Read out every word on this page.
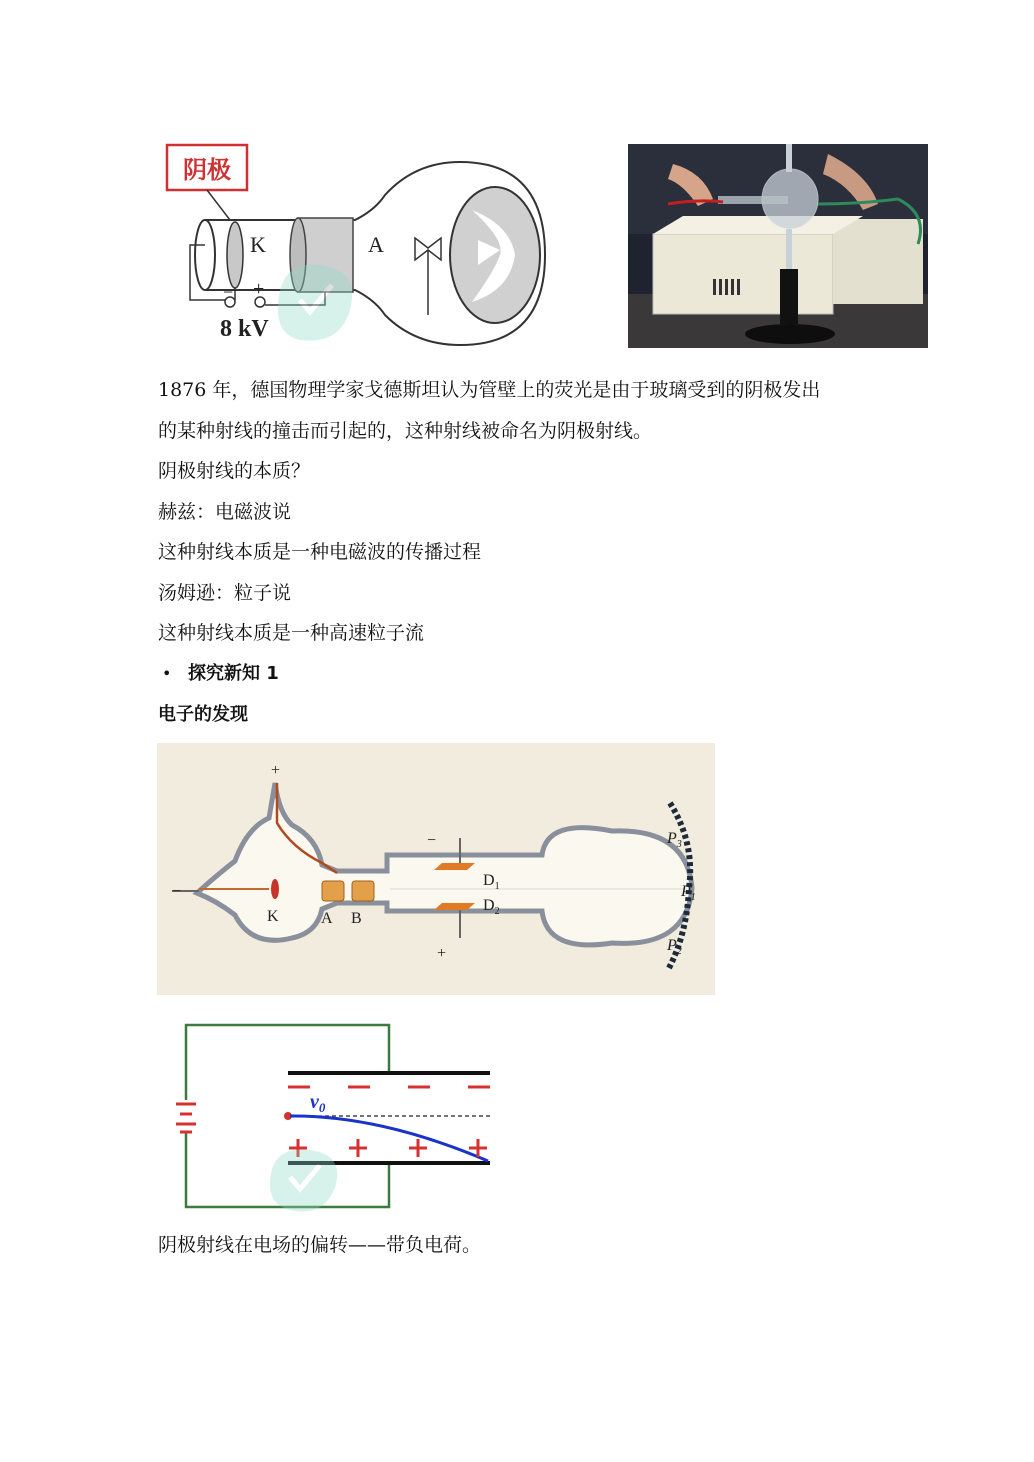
阴极
K	A
− +
8 kV
1876 年，德国物理学家戈德斯坦认为管壁上的荧光是由于玻璃受到的阴极发出
的某种射线的撞击而引起的，这种射线被命名为阴极射线。
阴极射线的本质？
赫兹：电磁波说
这种射线本质是一种电磁波的传播过程
汤姆逊：粒子说
这种射线本质是一种高速粒子流
• 探究新知 1
电子的发现
+
−
K	A B
−
+
$D_1$
$D_2$
$P_3$
$P_1$
$P_2$
$v_0$
阴极射线在电场的偏转——带负电荷。
